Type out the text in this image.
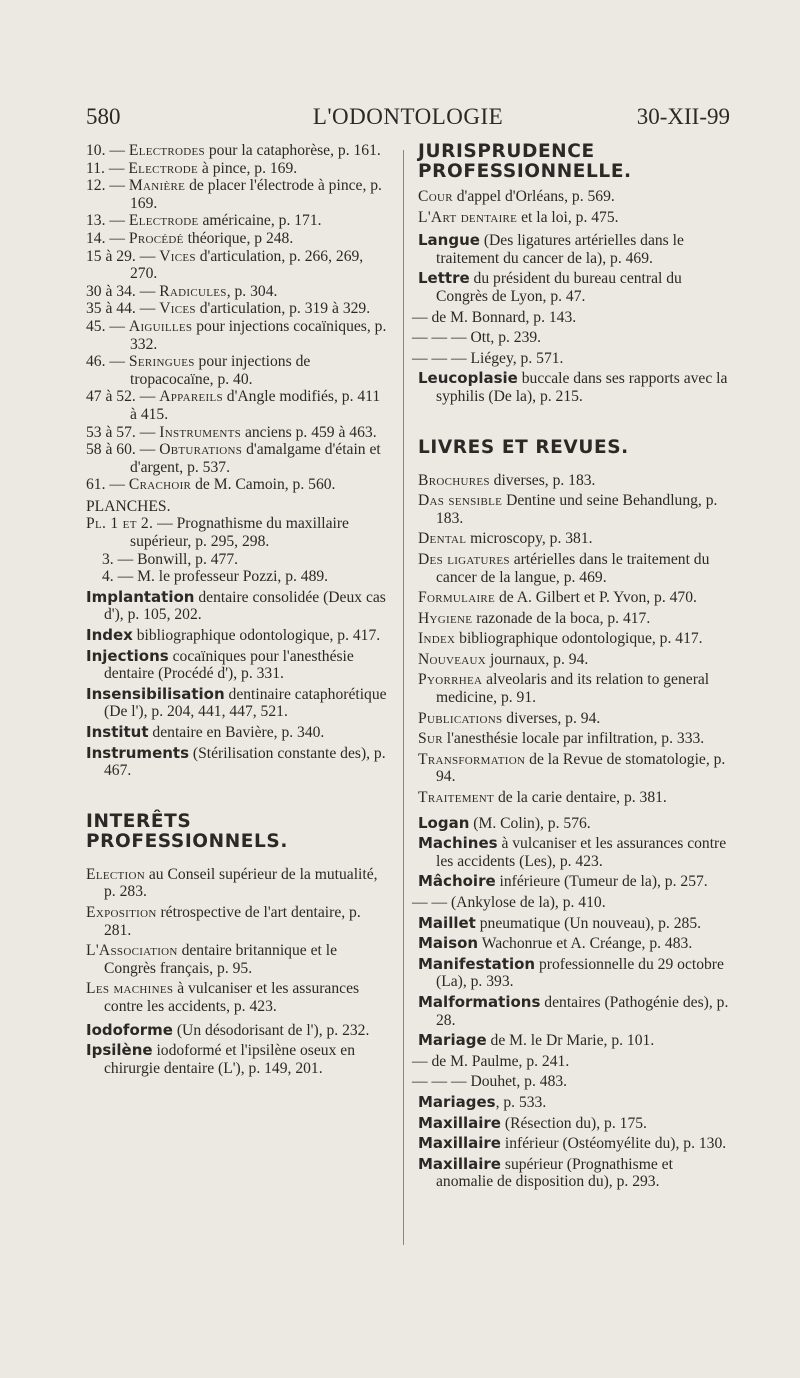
580	L'ODONTOLOGIE	30-XII-99
10. — Electrodes pour la cataphorèse, p. 161.
11. — Electrode à pince, p. 169.
12. — Manière de placer l'électrode à pince, p. 169.
13. — Electrode américaine, p. 171.
14. — Procédé théorique, p 248.
15 à 29. — Vices d'articulation, p. 266, 269, 270.
30 à 34. — Radicules, p. 304.
35 à 44. — Vices d'articulation, p. 319 à 329.
45. — Aiguilles pour injections cocaïniques, p. 332.
46. — Seringues pour injections de tropacocaïne, p. 40.
47 à 52. — Appareils d'Angle modifiés, p. 411 à 415.
53 à 57. — Instruments anciens p. 459 à 463.
58 à 60. — Obturations d'amalgame d'étain et d'argent, p. 537.
61. — Crachoir de M. Camoin, p. 560.
PLANCHES.
Pl. 1 et 2. — Prognathisme du maxillaire supérieur, p. 295, 298.
3. — Bonwill, p. 477.
4. — M. le professeur Pozzi, p. 489.
Implantation dentaire consolidée (Deux cas d'), p. 105, 202.
Index bibliographique odontologique, p. 417.
Injections cocaïniques pour l'anesthésie dentaire (Procédé d'), p. 331.
Insensibilisation dentinaire cataphorétique (De l'), p. 204, 441, 447, 521.
Institut dentaire en Bavière, p. 340.
Instruments (Stérilisation constante des), p. 467.
INTERÊTS PROFESSIONNELS.
Election au Conseil supérieur de la mutualité, p. 283.
Exposition rétrospective de l'art dentaire, p. 281.
L'Association dentaire britannique et le Congrès français, p. 95.
Les machines à vulcaniser et les assurances contre les accidents, p. 423.
Iodoforme (Un désodorisant de l'), p. 232.
Ipsilène iodoformé et l'ipsilène oseux en chirurgie dentaire (L'), p. 149, 201.
JURISPRUDENCE PROFESSIONNELLE.
Cour d'appel d'Orléans, p. 569.
L'Art dentaire et la loi, p. 475.
Langue (Des ligatures artérielles dans le traitement du cancer de la), p. 469.
Lettre du président du bureau central du Congrès de Lyon, p. 47.
— de M. Bonnard, p. 143.
— — — Ott, p. 239.
— — — Liégey, p. 571.
Leucoplasie buccale dans ses rapports avec la syphilis (De la), p. 215.
LIVRES ET REVUES.
Brochures diverses, p. 183.
Das sensible Dentine und seine Behandlung, p. 183.
Dental microscopy, p. 381.
Des ligatures artérielles dans le traitement du cancer de la langue, p. 469.
Formulaire de A. Gilbert et P. Yvon, p. 470.
Hygiene razonade de la boca, p. 417.
Index bibliographique odontologique, p. 417.
Nouveaux journaux, p. 94.
Pyorrhea alveolaris and its relation to general medicine, p. 91.
Publications diverses, p. 94.
Sur l'anesthésie locale par infiltration, p. 333.
Transformation de la Revue de stomatologie, p. 94.
Traitement de la carie dentaire, p. 381.
Logan (M. Colin), p. 576.
Machines à vulcaniser et les assurances contre les accidents (Les), p. 423.
Mâchoire inférieure (Tumeur de la), p. 257.
— — (Ankylose de la), p. 410.
Maillet pneumatique (Un nouveau), p. 285.
Maison Wachonrue et A. Créange, p. 483.
Manifestation professionnelle du 29 octobre (La), p. 393.
Malformations dentaires (Pathogénie des), p. 28.
Mariage de M. le Dr Marie, p. 101.
— de M. Paulme, p. 241.
— — — Douhet, p. 483.
Mariages, p. 533.
Maxillaire (Résection du), p. 175.
Maxillaire inférieur (Ostéomyélite du), p. 130.
Maxillaire supérieur (Prognathisme et anomalie de disposition du), p. 293.
